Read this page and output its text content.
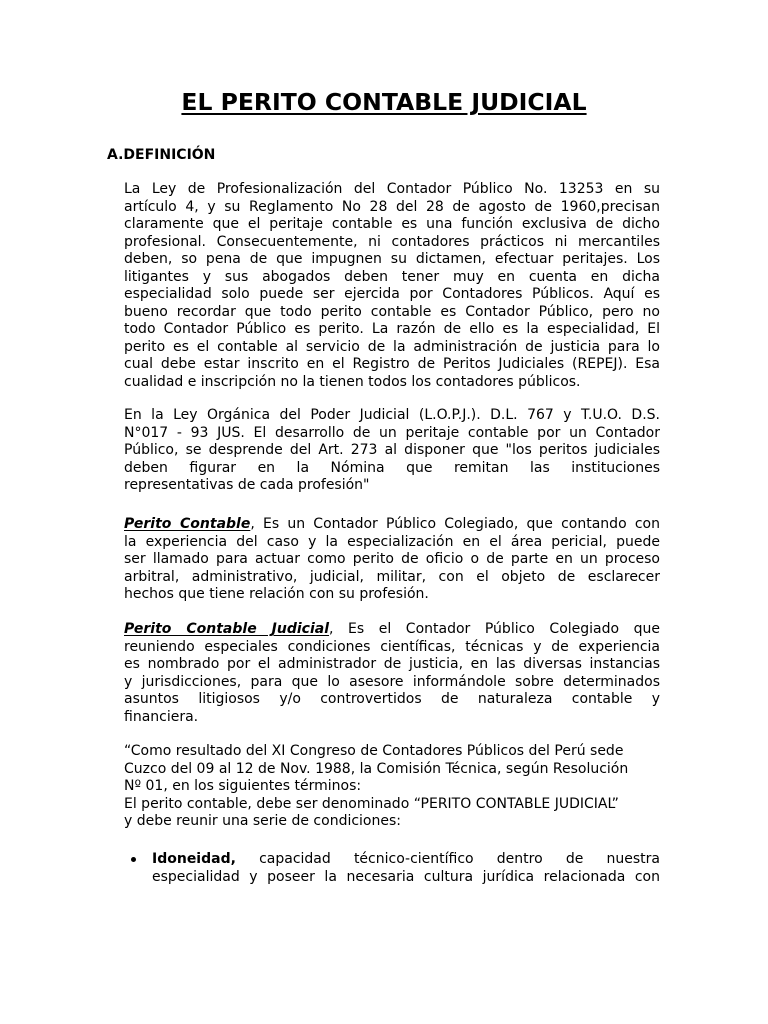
EL PERITO CONTABLE JUDICIAL
A.DEFINICIÓN
La Ley de Profesionalización del Contador Público No. 13253 en su
artículo 4, y su Reglamento No 28 del 28 de agosto de 1960,precisan
claramente que el peritaje contable es una función exclusiva de dicho
profesional. Consecuentemente, ni contadores prácticos ni mercantiles
deben, so pena de que impugnen su dictamen, efectuar peritajes. Los
litigantes y sus abogados deben tener muy en cuenta en dicha
especialidad solo puede ser ejercida por Contadores Públicos. Aquí es
bueno recordar que todo perito contable es Contador Público, pero no
todo Contador Público es perito. La razón de ello es la especialidad, El
perito es el contable al servicio de la administración de justicia para lo
cual debe estar inscrito en el Registro de Peritos Judiciales (REPEJ). Esa
cualidad e inscripción no la tienen todos los contadores públicos.
En la Ley Orgánica del Poder Judicial (L.O.P.J.). D.L. 767 y T.U.O. D.S.
N°017 - 93 JUS. El desarrollo de un peritaje contable por un Contador
Público, se desprende del Art. 273 al disponer que "los peritos judiciales
deben figurar en la Nómina que remitan las instituciones
representativas de cada profesión"
Perito Contable, Es un Contador Público Colegiado, que contando con
la experiencia del caso y la especialización en el área pericial, puede
ser llamado para actuar como perito de oficio o de parte en un proceso
arbitral, administrativo, judicial, militar, con el objeto de esclarecer
hechos que tiene relación con su profesión.
Perito Contable Judicial, Es el Contador Público Colegiado que
reuniendo especiales condiciones científicas, técnicas y de experiencia
es nombrado por el administrador de justicia, en las diversas instancias
y jurisdicciones, para que lo asesore informándole sobre determinados
asuntos litigiosos y/o controvertidos de naturaleza contable y
financiera.
“Como resultado del XI Congreso de Contadores Públicos del Perú sede
Cuzco del 09 al 12 de Nov. 1988, la Comisión Técnica, según Resolución
Nº 01, en los siguientes términos:
El perito contable, debe ser denominado “PERITO CONTABLE JUDICIAL”
y debe reunir una serie de condiciones:
Idoneidad, capacidad técnico-científico dentro de nuestra
especialidad y poseer la necesaria cultura jurídica relacionada con
